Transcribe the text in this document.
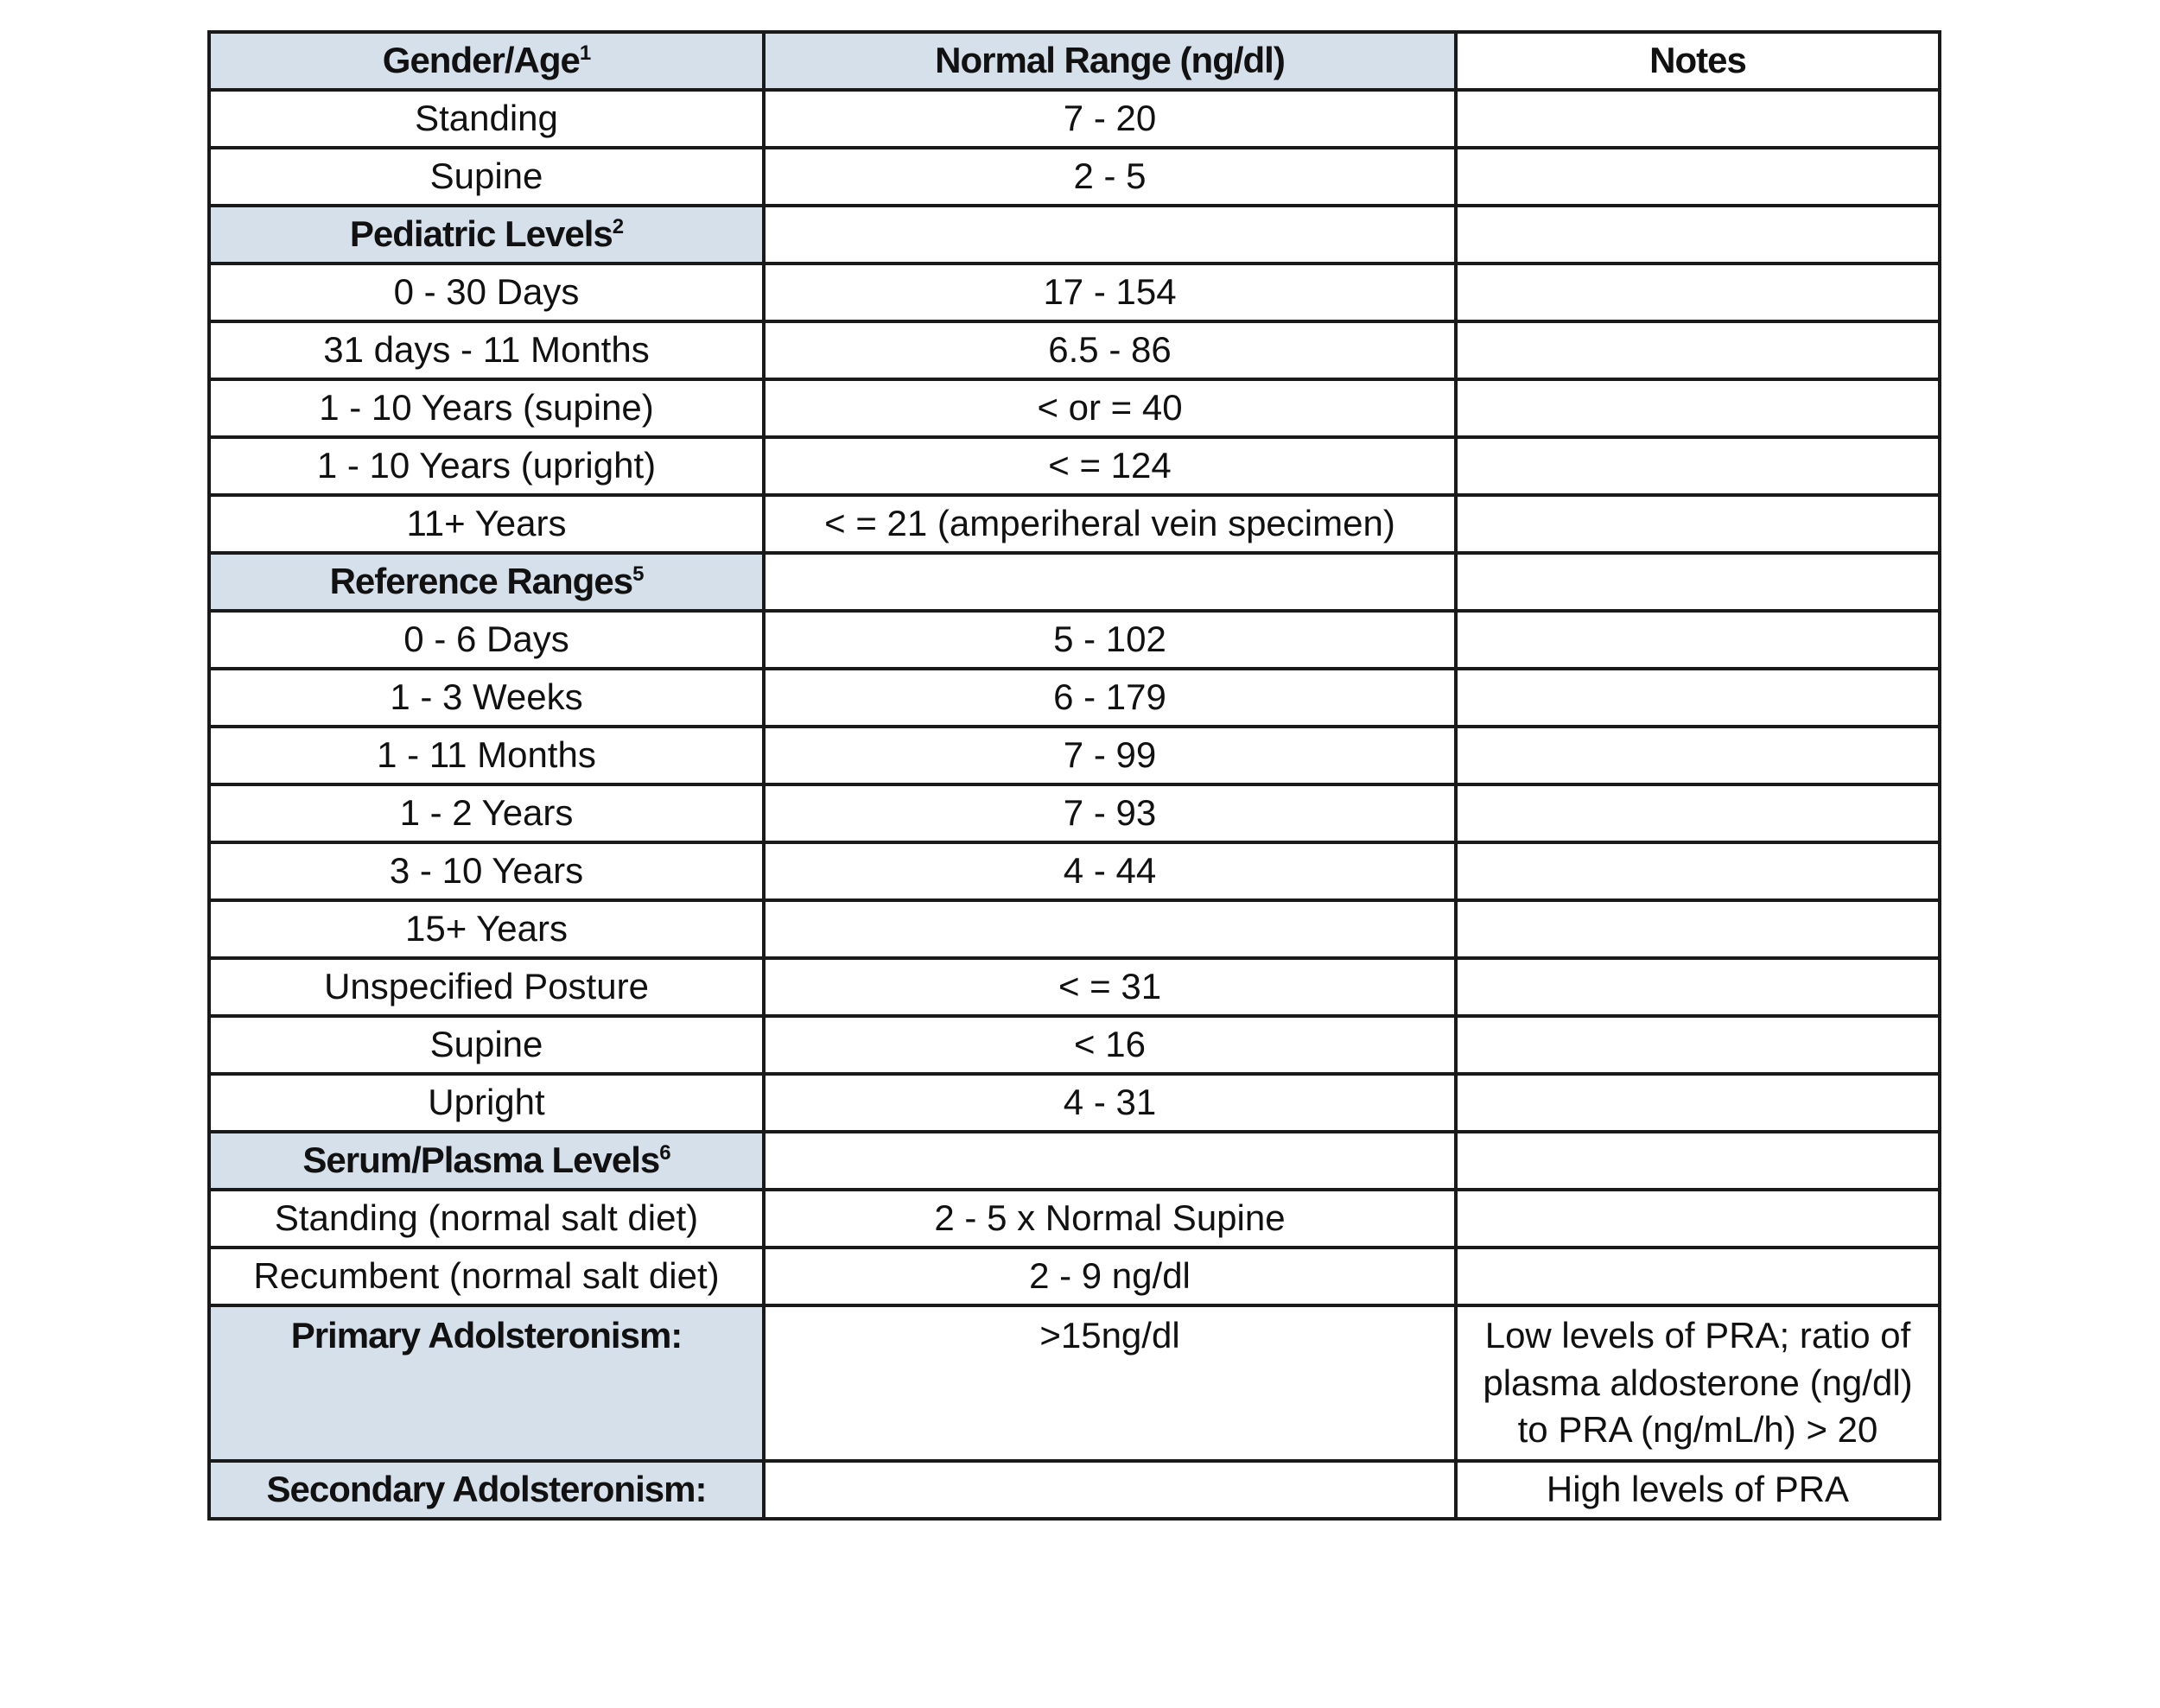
Gender/Age$^1$	Normal Range (ng/dl)	Notes
Standing	7 - 20	
Supine	2 - 5	
Pediatric Levels$^2$		
0 - 30 Days	17 - 154	
31 days - 11 Months	6.5 - 86	
1 - 10 Years (supine)	< or = 40	
1 - 10 Years (upright)	< = 124	
11+ Years	< = 21 (amperiheral vein specimen)	
Reference Ranges$^5$		
0 - 6 Days	5 - 102	
1 - 3 Weeks	6 - 179	
1 - 11 Months	7 - 99	
1 - 2 Years	7 - 93	
3 - 10 Years	4 - 44	
15+ Years		
Unspecified Posture	< = 31	
Supine	< 16	
Upright	4 - 31	
Serum/Plasma Levels$^6$		
Standing (normal salt diet)	2 - 5 x Normal Supine	
Recumbent (normal salt diet)	2 - 9 ng/dl	
Primary Adolsteronism:	>15ng/dl	Low levels of PRA; ratio of plasma aldosterone (ng/dl) to PRA (ng/mL/h) > 20
Secondary Adolsteronism:		High levels of PRA
